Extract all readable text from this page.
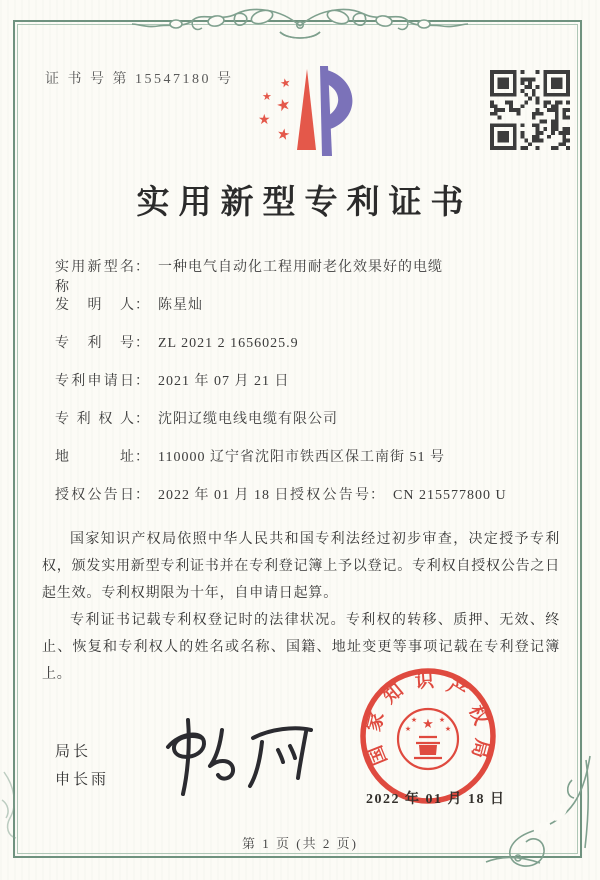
证 书 号 第 15547180 号	★
★ ★
★
★
实用新型专利证书
实用新型名称
： 一种电气自动化工程用耐老化效果好的电缆
发明人 ： 陈星灿
专利号 ： ZL 2021 2 1656025.9
专利申请日 ： 2021 年 07 月 21 日
专利权人 ： 沈阳辽缆电线电缆有限公司
地址 ： 110000 辽宁省沈阳市铁西区保工南街 51 号
授权公告日 ： 2022 年 01 月 18 日 授权公告号 ： CN 215577800 U

国家知识产权局依照中华人民共和国专利法经过初步审查，决定授予专利权，颁发实用新型专利证书并在专利登记簿上予以登记。专利权自授权公告之日起生效。专利权期限为十年，自申请日起算。

专利证书记载专利权登记时的法律状况。专利权的转移、质押、无效、终止、恢复和专利权人的姓名或名称、国籍、地址变更等事项记载在专利登记簿上。

局长
申长雨
国家知识产权局
★
★	★
★	★
2022 年 01 月 18 日
第 1 页 (共 2 页)
